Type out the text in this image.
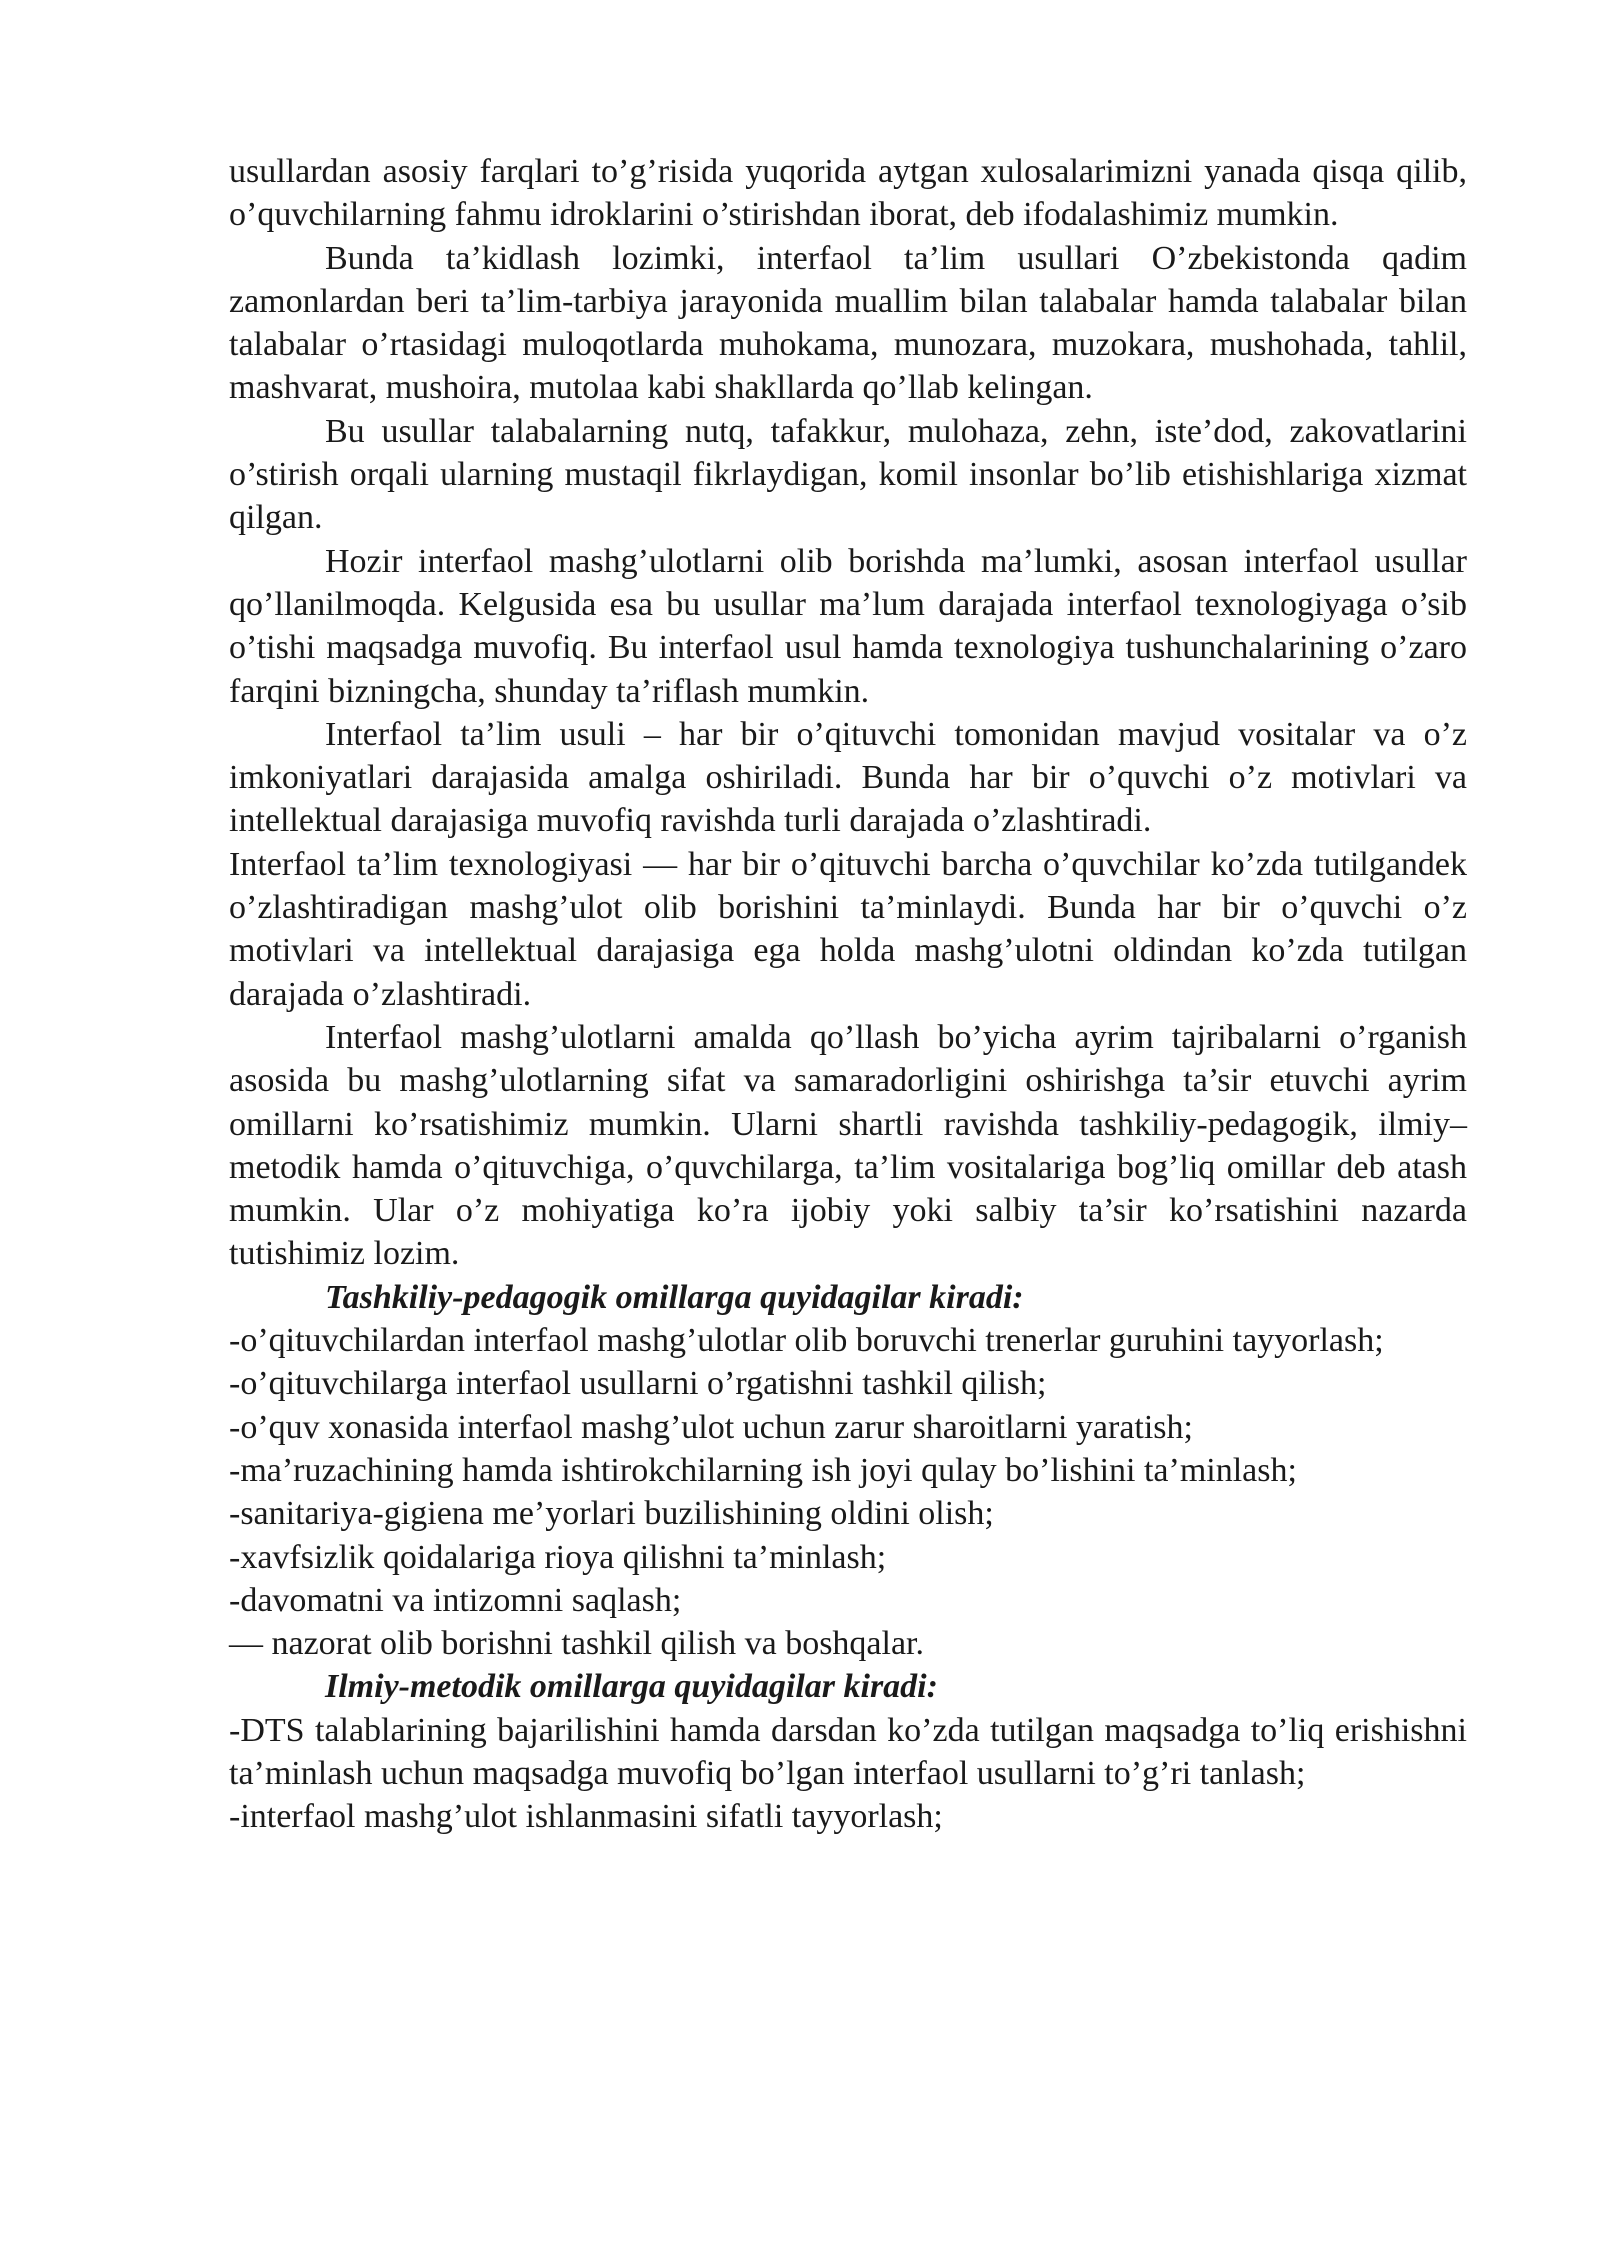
usullardan asosiy farqlari to’g’risida yuqorida aytgan xulosalarimizni yanada qisqa qilib, o’quvchilarning fahmu idroklarini o’stirishdan iborat, deb ifodalashimiz mumkin.

Bunda ta’kidlash lozimki, interfaol ta’lim usullari O’zbekistonda qadim zamonlardan beri ta’lim-tarbiya jarayonida muallim bilan talabalar hamda talabalar bilan talabalar o’rtasidagi muloqotlarda muhokama, munozara, muzokara, mushohada, tahlil, mashvarat, mushoira, mutolaa kabi shakllarda qo’llab kelingan.

Bu usullar talabalarning nutq, tafakkur, mulohaza, zehn, iste’dod, zakovatlarini o’stirish orqali ularning mustaqil fikrlaydigan, komil insonlar bo’lib etishishlariga xizmat qilgan.

Hozir interfaol mashg’ulotlarni olib borishda ma’lumki, asosan interfaol usullar qo’llanilmoqda. Kelgusida esa bu usullar ma’lum darajada interfaol texnologiyaga o’sib o’tishi maqsadga muvofiq. Bu interfaol usul hamda texnologiya tushunchalarining o’zaro farqini bizningcha, shunday ta’riflash mumkin.

Interfaol ta’lim usuli – har bir o’qituvchi tomonidan mavjud vositalar va o’z imkoniyatlari darajasida amalga oshiriladi. Bunda har bir o’quvchi o’z motivlari va intellektual darajasiga muvofiq ravishda turli darajada o’zlashtiradi.

Interfaol ta’lim texnologiyasi — har bir o’qituvchi barcha o’quvchilar ko’zda tutilgandek o’zlashtiradigan mashg’ulot olib borishini ta’minlaydi. Bunda har bir o’quvchi o’z motivlari va intellektual darajasiga ega holda mashg’ulotni oldindan ko’zda tutilgan darajada o’zlashtiradi.

Interfaol mashg’ulotlarni amalda qo’llash bo’yicha ayrim tajribalarni o’rganish asosida bu mashg’ulotlarning sifat va samaradorligini oshirishga ta’sir etuvchi ayrim omillarni ko’rsatishimiz mumkin. Ularni shartli ravishda tashkiliy-pedagogik, ilmiy–metodik hamda o’qituvchiga, o’quvchilarga, ta’lim vositalariga bog’liq omillar deb atash mumkin. Ular o’z mohiyatiga ko’ra ijobiy yoki salbiy ta’sir ko’rsatishini nazarda tutishimiz lozim.

Tashkiliy-pedagogik omillarga quyidagilar kiradi:

-o’qituvchilardan interfaol mashg’ulotlar olib boruvchi trenerlar guruhini tayyorlash;

-o’qituvchilarga interfaol usullarni o’rgatishni tashkil qilish;

-o’quv xonasida interfaol mashg’ulot uchun zarur sharoitlarni yaratish;

-ma’ruzachining hamda ishtirokchilarning ish joyi qulay bo’lishini ta’minlash;

-sanitariya-gigiena me’yorlari buzilishining oldini olish;

-xavfsizlik qoidalariga rioya qilishni ta’minlash;

-davomatni va intizomni saqlash;

— nazorat olib borishni tashkil qilish va boshqalar.

Ilmiy-metodik omillarga quyidagilar kiradi:

-DTS talablarining bajarilishini hamda darsdan ko’zda tutilgan maqsadga to’liq erishishni ta’minlash uchun maqsadga muvofiq bo’lgan interfaol usullarni to’g’ri tanlash;

-interfaol mashg’ulot ishlanmasini sifatli tayyorlash;
